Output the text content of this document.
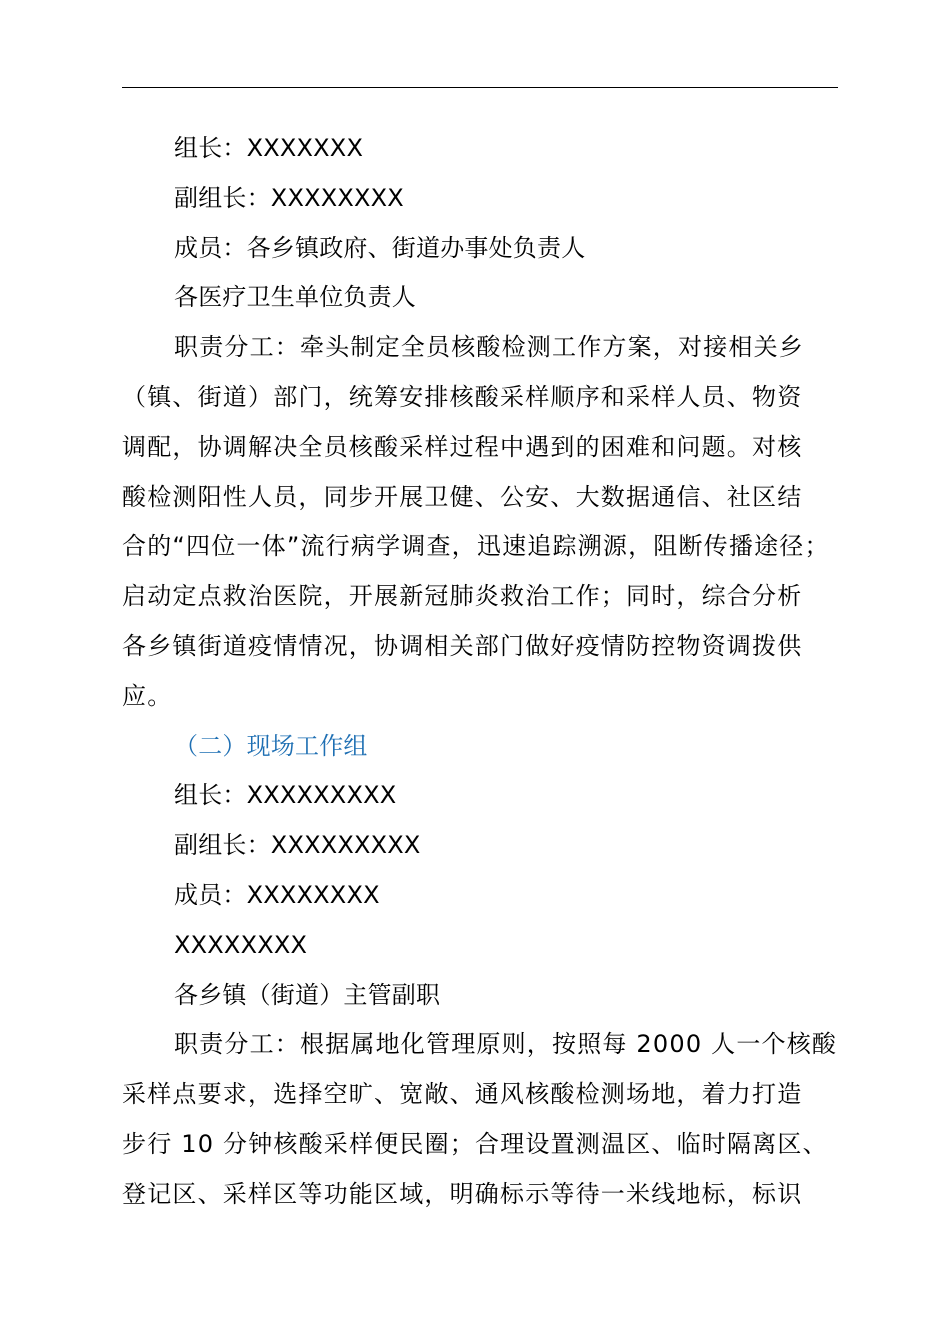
组长：XXXXXXX
副组长：XXXXXXXX
成员：各乡镇政府、街道办事处负责人
各医疗卫生单位负责人
职责分工：牵头制定全员核酸检测工作方案，对接相关乡
（镇、街道）部门，统筹安排核酸采样顺序和采样人员、物资
调配，协调解决全员核酸采样过程中遇到的困难和问题。对核
酸检测阳性人员，同步开展卫健、公安、大数据通信、社区结
合的“四位一体”流行病学调查，迅速追踪溯源，阻断传播途径；
启动定点救治医院，开展新冠肺炎救治工作；同时，综合分析
各乡镇街道疫情情况，协调相关部门做好疫情防控物资调拨供
应。
（二）现场工作组
组长：XXXXXXXXX
副组长：XXXXXXXXX
成员：XXXXXXXX
XXXXXXXX
各乡镇（街道）主管副职
职责分工：根据属地化管理原则，按照每 2000 人一个核酸
采样点要求，选择空旷、宽敞、通风核酸检测场地，着力打造
步行 10 分钟核酸采样便民圈；合理设置测温区、临时隔离区、
登记区、采样区等功能区域，明确标示等待一米线地标，标识
